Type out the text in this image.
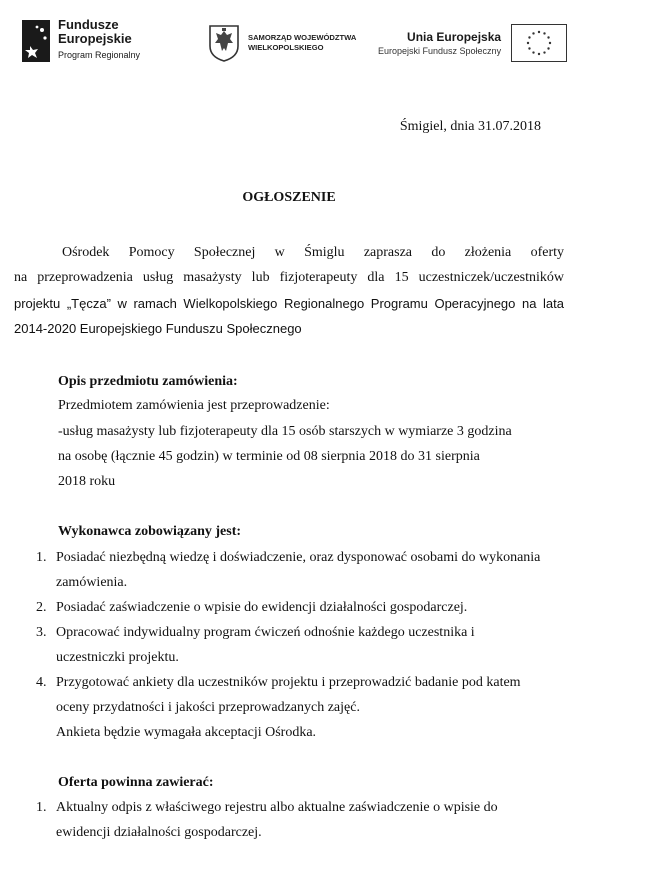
Fundusze
Europejskie
Program Regionalny
SAMORZĄD WOJEWÓDZTWA
WIELKOPOLSKIEGO
Unia Europejska
Europejski Fundusz Społeczny
Śmigiel, dnia 31.07.2018
OGŁOSZENIE
Ośrodek Pomocy Społecznej w Śmiglu zaprasza do złożenia oferty
na przeprowadzenia usług masażysty lub fizjoterapeuty dla 15 uczestniczek/uczestników
projektu „Tęcza” w ramach Wielkopolskiego Regionalnego Programu Operacyjnego na lata
2014-2020 Europejskiego Funduszu Społecznego
Opis przedmiotu zamówienia:
Przedmiotem zamówienia jest przeprowadzenie:
-usług masażysty lub fizjoterapeuty dla 15 osób starszych w wymiarze 3 godzina
na osobę (łącznie 45 godzin) w terminie od 08 sierpnia 2018 do 31 sierpnia
2018 roku
Wykonawca zobowiązany jest:
1. Posiadać niezbędną wiedzę i doświadczenie, oraz dysponować osobami do wykonania
zamówienia.
2. Posiadać zaświadczenie o wpisie do ewidencji działalności gospodarczej.
3. Opracować indywidualny program ćwiczeń odnośnie każdego uczestnika i
uczestniczki projektu.
4. Przygotować ankiety dla uczestników projektu i przeprowadzić badanie pod katem
oceny przydatności i jakości przeprowadzanych zajęć.
Ankieta będzie wymagała akceptacji Ośrodka.
Oferta powinna zawierać:
1. Aktualny odpis z właściwego rejestru albo aktualne zaświadczenie o wpisie do
ewidencji działalności gospodarczej.
